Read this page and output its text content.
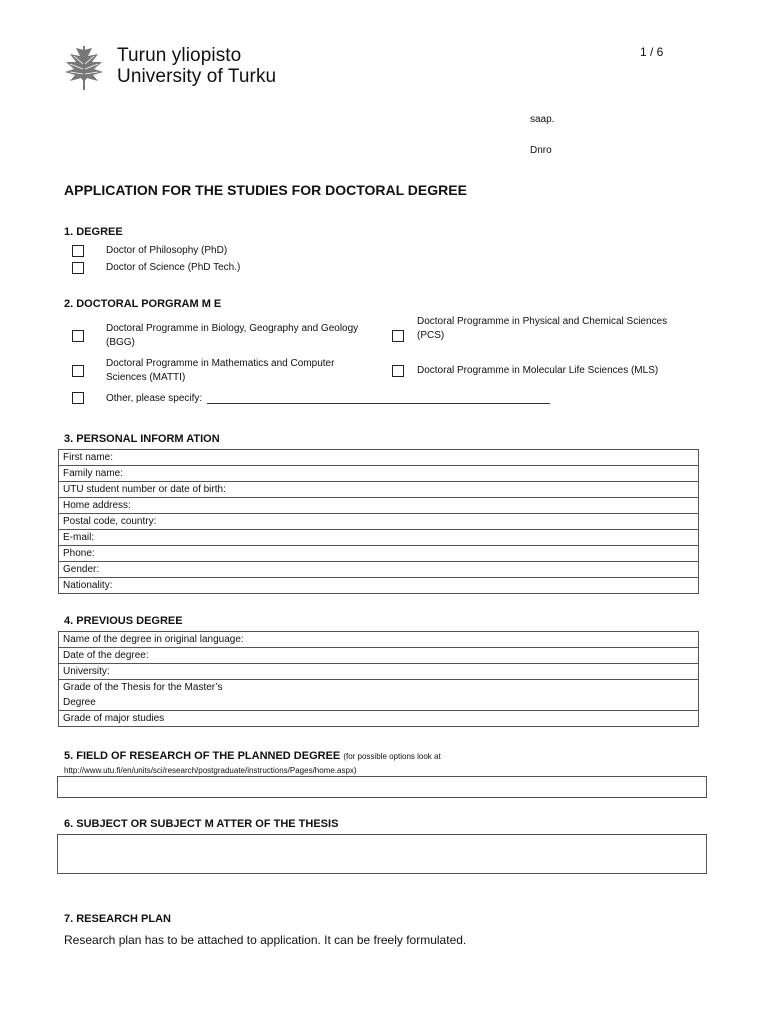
1 / 6
Turun yliopisto
University of Turku
saap.
Dnro
APPLICATION FOR THE STUDIES FOR DOCTORAL DEGREE
1. DEGREE
Doctor of Philosophy (PhD)
Doctor of Science (PhD Tech.)
2. DOCTORAL PORGRAM M E
Doctoral Programme in Biology, Geography and Geology
(BGG)
Doctoral Programme in Physical and Chemical Sciences
(PCS)
Doctoral Programme in Mathematics and Computer
Sciences (MATTI)
Doctoral Programme in Molecular Life Sciences (MLS)
Other, please specify:
3. PERSONAL INFORM ATION
First name:
Family name:
UTU student number or date of birth:
Home address:
Postal code, country:
E-mail:
Phone:
Gender:
Nationality:
4. PREVIOUS DEGREE
Name of the degree in original language:
Date of the degree:
University:

Grade of the Thesis for the Master’s
Degree

Grade of major studies
5. FIELD OF RESEARCH OF THE PLANNED DEGREE (for possible options look at
http://www.utu.fi/en/units/sci/research/postgraduate/instructions/Pages/home.aspx)
6. SUBJECT OR SUBJECT M ATTER OF THE THESIS
7. RESEARCH PLAN
Research plan has to be attached to application. It can be freely formulated.
